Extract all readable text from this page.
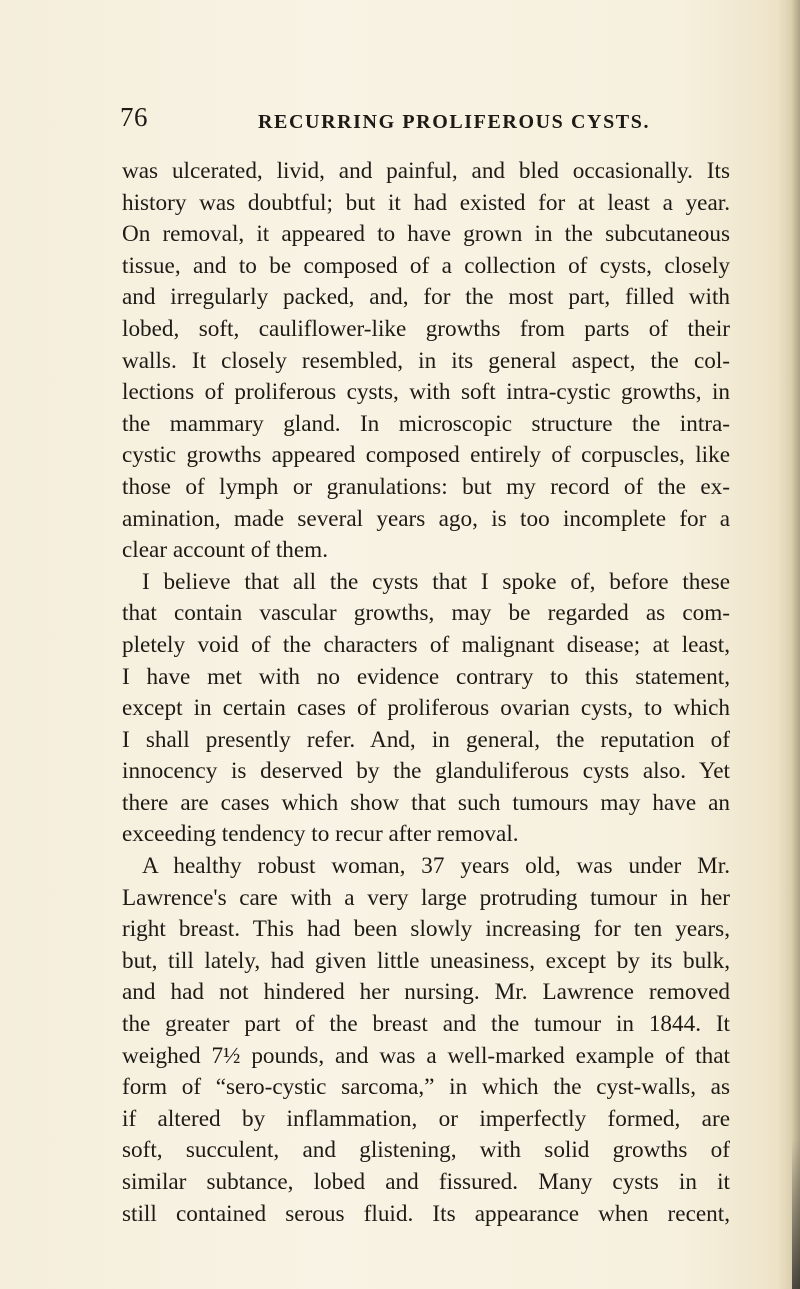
76	RECURRING PROLIFEROUS CYSTS.
was ulcerated, livid, and painful, and bled occasionally. Its
history was doubtful; but it had existed for at least a year.
On removal, it appeared to have grown in the subcutaneous
tissue, and to be composed of a collection of cysts, closely
and irregularly packed, and, for the most part, filled with
lobed, soft, cauliflower-like growths from parts of their
walls. It closely resembled, in its general aspect, the col-
lections of proliferous cysts, with soft intra-cystic growths, in
the mammary gland. In microscopic structure the intra-
cystic growths appeared composed entirely of corpuscles, like
those of lymph or granulations: but my record of the ex-
amination, made several years ago, is too incomplete for a
clear account of them.
I believe that all the cysts that I spoke of, before these
that contain vascular growths, may be regarded as com-
pletely void of the characters of malignant disease; at least,
I have met with no evidence contrary to this statement,
except in certain cases of proliferous ovarian cysts, to which
I shall presently refer. And, in general, the reputation of
innocency is deserved by the glanduliferous cysts also. Yet
there are cases which show that such tumours may have an
exceeding tendency to recur after removal.
A healthy robust woman, 37 years old, was under Mr.
Lawrence's care with a very large protruding tumour in her
right breast. This had been slowly increasing for ten years,
but, till lately, had given little uneasiness, except by its bulk,
and had not hindered her nursing. Mr. Lawrence removed
the greater part of the breast and the tumour in 1844. It
weighed 7½ pounds, and was a well-marked example of that
form of “sero-cystic sarcoma,” in which the cyst-walls, as
if altered by inflammation, or imperfectly formed, are
soft, succulent, and glistening, with solid growths of
similar subtance, lobed and fissured. Many cysts in it
still contained serous fluid. Its appearance when recent,
